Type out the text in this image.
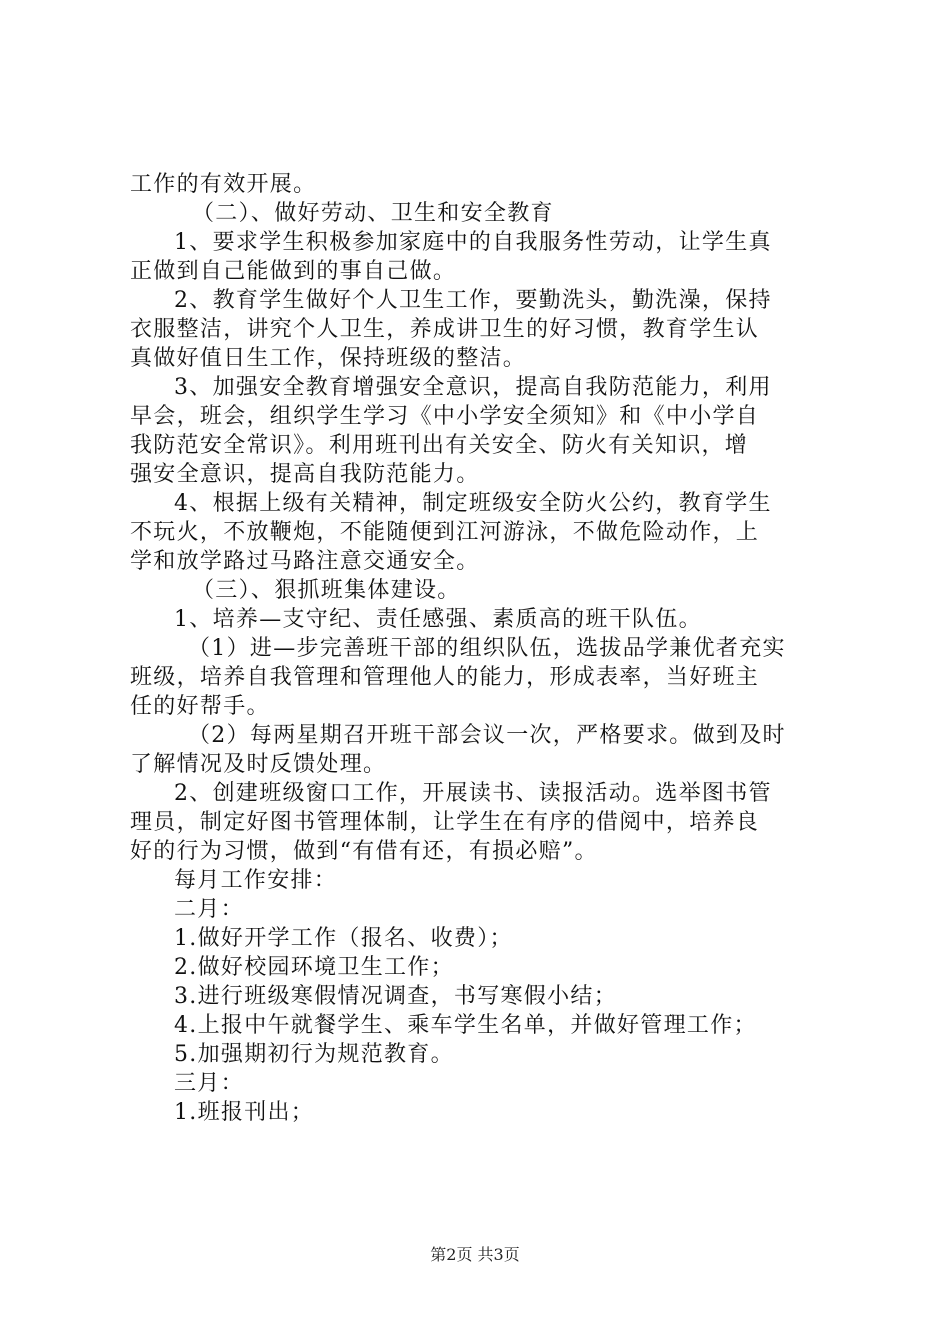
工作的有效开展。
（二）、做好劳动、卫生和安全教育
1、要求学生积极参加家庭中的自我服务性劳动，让学生真
正做到自己能做到的事自己做。
2、教育学生做好个人卫生工作，要勤洗头，勤洗澡，保持
衣服整洁，讲究个人卫生，养成讲卫生的好习惯，教育学生认
真做好值日生工作，保持班级的整洁。
3、加强安全教育增强安全意识，提高自我防范能力，利用
早会，班会，组织学生学习《中小学安全须知》和《中小学自
我防范安全常识》。利用班刊出有关安全、防火有关知识，增
强安全意识，提高自我防范能力。
4、根据上级有关精神，制定班级安全防火公约，教育学生
不玩火，不放鞭炮，不能随便到江河游泳，不做危险动作，上
学和放学路过马路注意交通安全。
（三）、狠抓班集体建设。
1、培养—支守纪、责任感强、素质高的班干队伍。
（1）进—步完善班干部的组织队伍，选拔品学兼优者充实
班级，培养自我管理和管理他人的能力，形成表率，当好班主
任的好帮手。
（2）每两星期召开班干部会议一次，严格要求。做到及时
了解情况及时反馈处理。
2、创建班级窗口工作，开展读书、读报活动。选举图书管
理员，制定好图书管理体制，让学生在有序的借阅中，培养良
好的行为习惯，做到“有借有还，有损必赔”。
每月工作安排：
二月：
1.做好开学工作（报名、收费）；
2.做好校园环境卫生工作；
3.进行班级寒假情况调查，书写寒假小结；
4.上报中午就餐学生、乘车学生名单，并做好管理工作；
5.加强期初行为规范教育。
三月：
1.班报刊出；
第2页 共3页
